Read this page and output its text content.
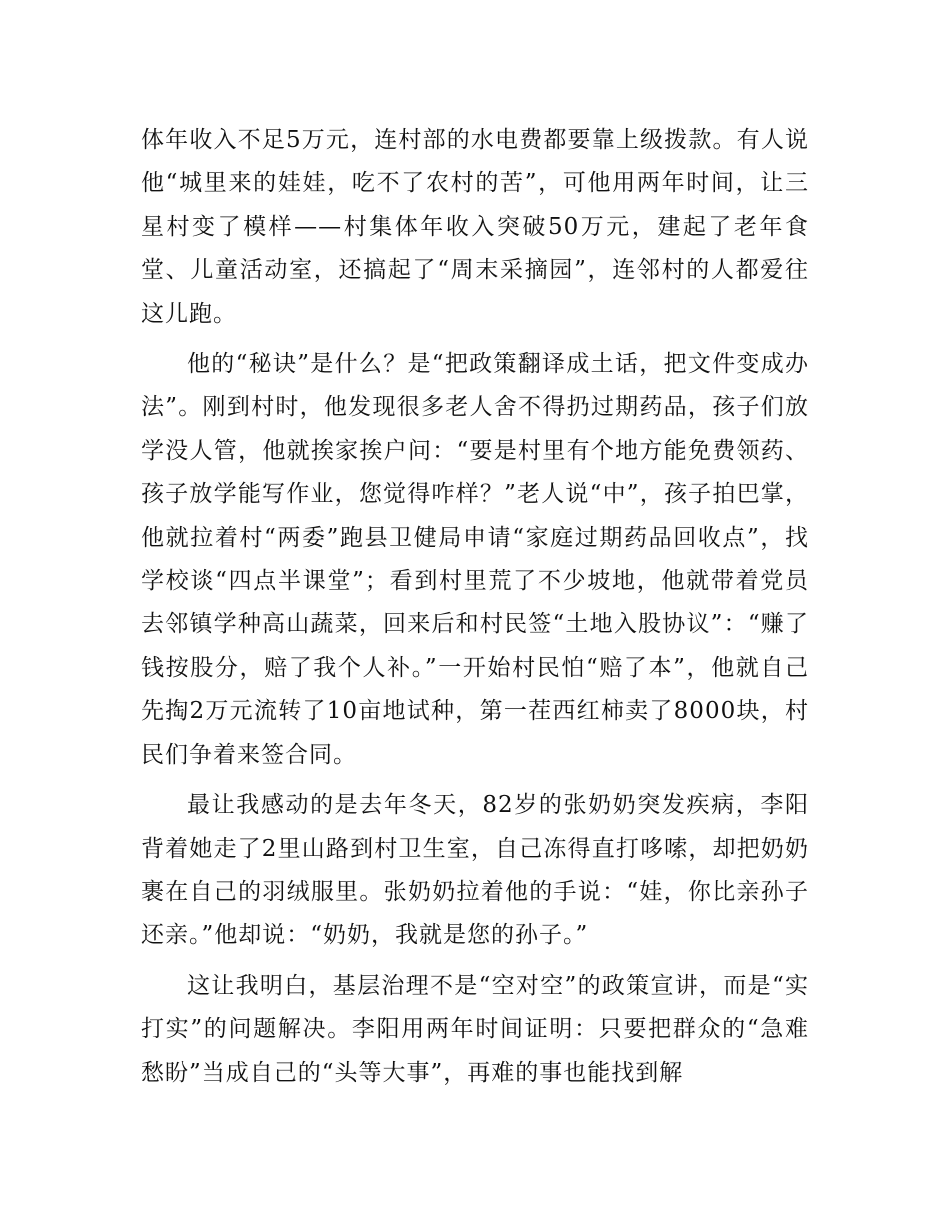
体年收入不足5万元，连村部的水电费都要靠上级拨款。有人说他“城里来的娃娃，吃不了农村的苦”，可他用两年时间，让三星村变了模样——村集体年收入突破50万元，建起了老年食堂、儿童活动室，还搞起了“周末采摘园”，连邻村的人都爱往这儿跑。

他的“秘诀”是什么？是“把政策翻译成土话，把文件变成办法”。刚到村时，他发现很多老人舍不得扔过期药品，孩子们放学没人管，他就挨家挨户问：“要是村里有个地方能免费领药、孩子放学能写作业，您觉得咋样？”老人说“中”，孩子拍巴掌，他就拉着村“两委”跑县卫健局申请“家庭过期药品回收点”，找学校谈“四点半课堂”；看到村里荒了不少坡地，他就带着党员去邻镇学种高山蔬菜，回来后和村民签“土地入股协议”：“赚了钱按股分，赔了我个人补。”一开始村民怕“赔了本”，他就自己先掏2万元流转了10亩地试种，第一茬西红柿卖了8000块，村民们争着来签合同。

最让我感动的是去年冬天，82岁的张奶奶突发疾病，李阳背着她走了2里山路到村卫生室，自己冻得直打哆嗦，却把奶奶裹在自己的羽绒服里。张奶奶拉着他的手说：“娃，你比亲孙子还亲。”他却说：“奶奶，我就是您的孙子。”

这让我明白，基层治理不是“空对空”的政策宣讲，而是“实打实”的问题解决。李阳用两年时间证明：只要把群众的“急难愁盼”当成自己的“头等大事”，再难的事也能找到解
